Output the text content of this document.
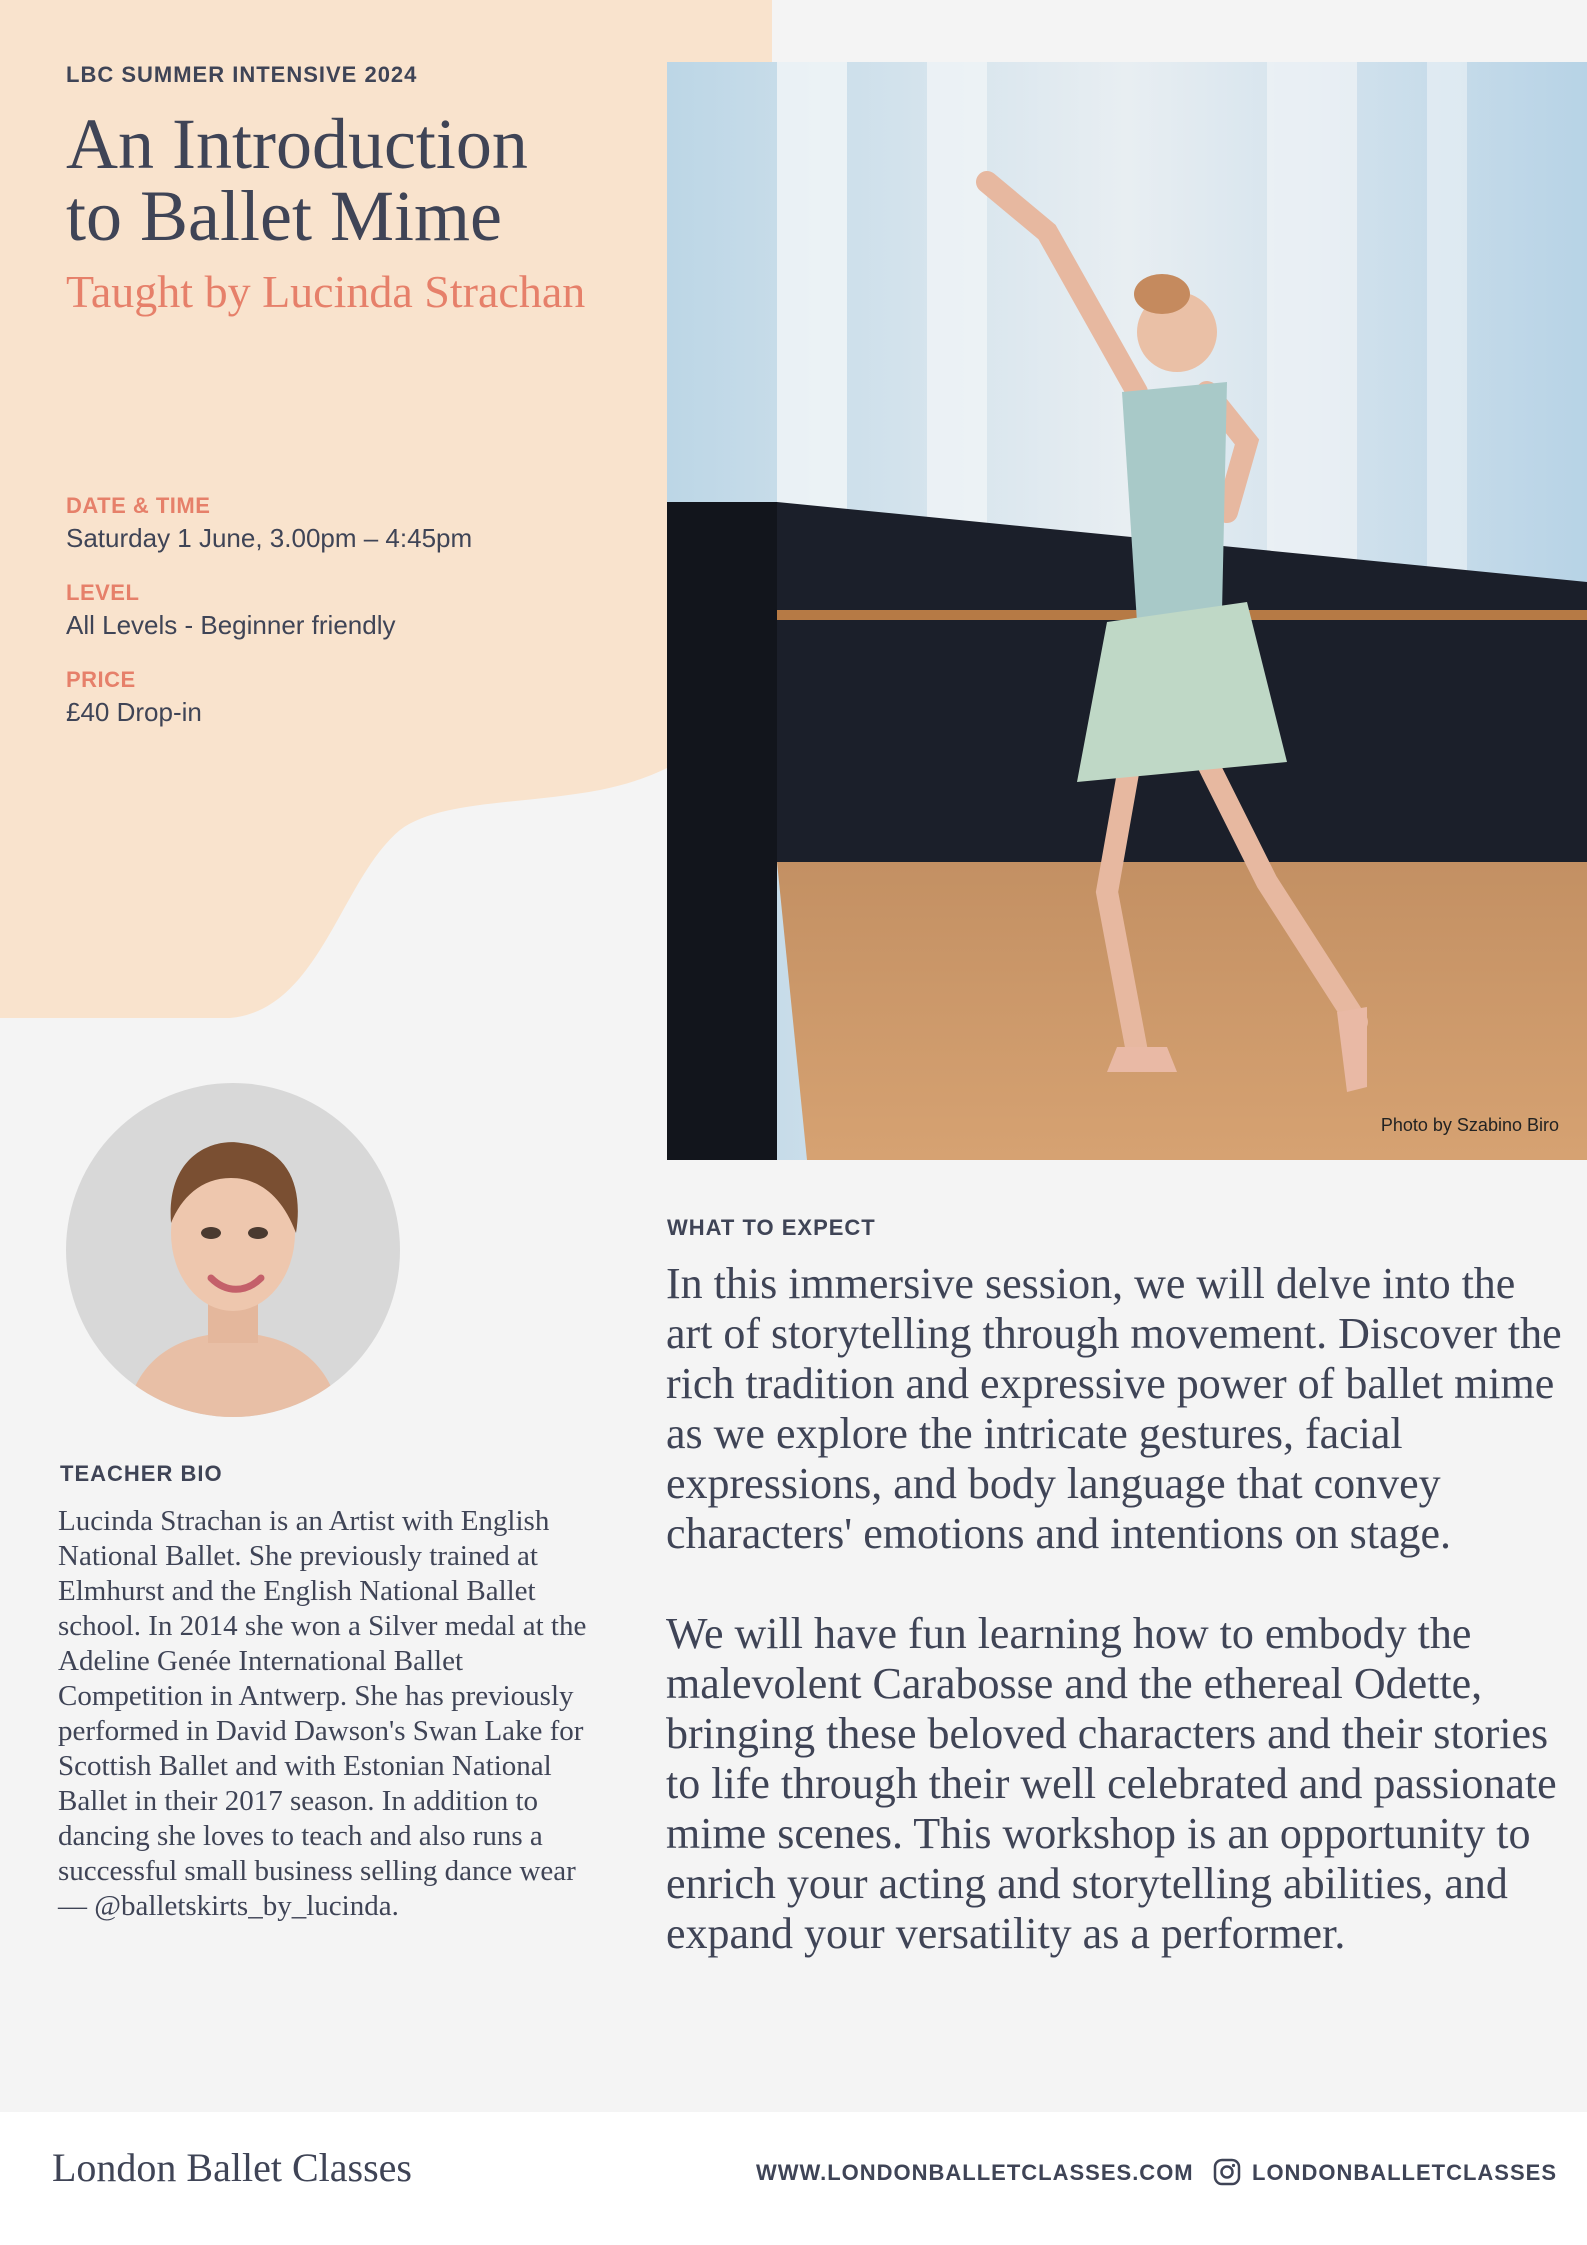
LBC SUMMER INTENSIVE 2024
An Introduction
to Ballet Mime
Taught by Lucinda Strachan
DATE & TIME
Saturday 1 June, 3.00pm – 4:45pm
LEVEL
All Levels - Beginner friendly
PRICE
£40 Drop-in
Photo by Szabino Biro
TEACHER BIO
Lucinda Strachan is an Artist with English National Ballet. She previously trained at Elmhurst and the English National Ballet school. In 2014 she won a Silver medal at the Adeline Genée International Ballet Competition in Antwerp. She has previously performed in David Dawson's Swan Lake for Scottish Ballet and with Estonian National Ballet in their 2017 season. In addition to dancing she loves to teach and also runs a successful small business selling dance wear — @balletskirts_by_lucinda.
WHAT TO EXPECT

In this immersive session, we will delve into the art of storytelling through movement. Discover the rich tradition and expressive power of ballet mime as we explore the intricate gestures, facial expressions, and body language that convey characters' emotions and intentions on stage.

We will have fun learning how to embody the malevolent Carabosse and the ethereal Odette, bringing these beloved characters and their stories to life through their well celebrated and passionate mime scenes. This workshop is an opportunity to enrich your acting and storytelling abilities, and expand your versatility as a performer.

London Ballet Classes	WWW.LONDONBALLETCLASSES.COM	LONDONBALLETCLASSES
